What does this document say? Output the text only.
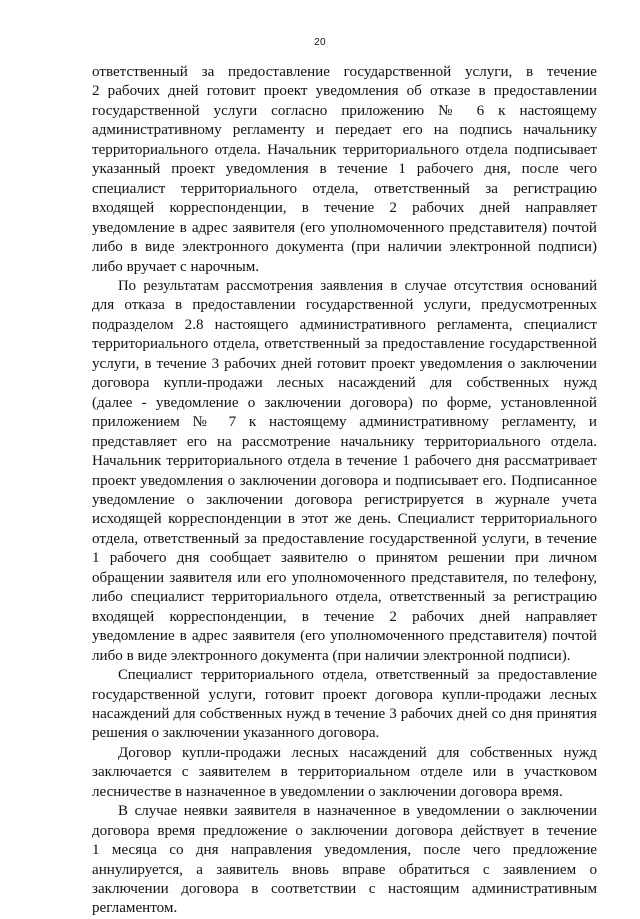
20
ответственный за предоставление государственной услуги, в течение
2 рабочих дней готовит проект уведомления об отказе в предоставлении
государственной услуги согласно приложению № 6 к настоящему
административному регламенту и передает его на подпись начальнику
территориального отдела. Начальник территориального отдела подписывает
указанный проект уведомления в течение 1 рабочего дня, после чего
специалист территориального отдела, ответственный за регистрацию
входящей корреспонденции, в течение 2 рабочих дней направляет
уведомление в адрес заявителя (его уполномоченного представителя) почтой
либо в виде электронного документа (при наличии электронной подписи)
либо вручает с нарочным.
По результатам рассмотрения заявления в случае отсутствия оснований
для отказа в предоставлении государственной услуги, предусмотренных
подразделом 2.8 настоящего административного регламента, специалист
территориального отдела, ответственный за предоставление государственной
услуги, в течение 3 рабочих дней готовит проект уведомления о заключении
договора купли-продажи лесных насаждений для собственных нужд
(далее - уведомление о заключении договора) по форме, установленной
приложением № 7 к настоящему административному регламенту, и
представляет его на рассмотрение начальнику территориального отдела.
Начальник территориального отдела в течение 1 рабочего дня рассматривает
проект уведомления о заключении договора и подписывает его. Подписанное
уведомление о заключении договора регистрируется в журнале учета
исходящей корреспонденции в этот же день. Специалист территориального
отдела, ответственный за предоставление государственной услуги, в течение
1 рабочего дня сообщает заявителю о принятом решении при личном
обращении заявителя или его уполномоченного представителя, по телефону,
либо специалист территориального отдела, ответственный за регистрацию
входящей корреспонденции, в течение 2 рабочих дней направляет
уведомление в адрес заявителя (его уполномоченного представителя) почтой
либо в виде электронного документа (при наличии электронной подписи).
Специалист территориального отдела, ответственный за предоставление
государственной услуги, готовит проект договора купли-продажи лесных
насаждений для собственных нужд в течение 3 рабочих дней со дня принятия
решения о заключении указанного договора.
Договор купли-продажи лесных насаждений для собственных нужд
заключается с заявителем в территориальном отделе или в участковом
лесничестве в назначенное в уведомлении о заключении договора время.
В случае неявки заявителя в назначенное в уведомлении о заключении
договора время предложение о заключении договора действует в течение
1 месяца со дня направления уведомления, после чего предложение
аннулируется, а заявитель вновь вправе обратиться с заявлением о
заключении договора в соответствии с настоящим административным
регламентом.
